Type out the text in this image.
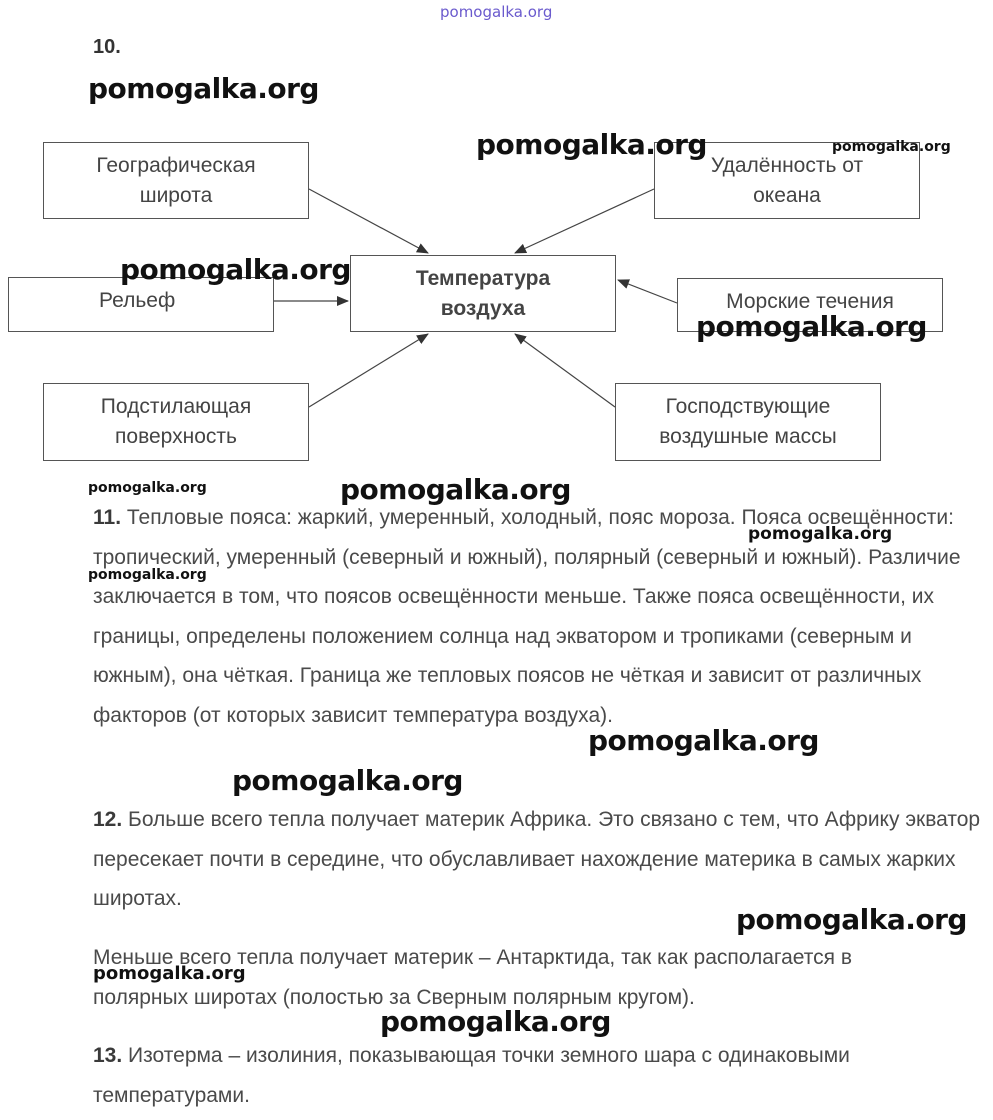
pomogalka.org
10.
Географическая
широта
Удалённость от
океана
Рельеф
Температура
воздуха	Морские течения
Подстилающая
поверхность
Господствующие
воздушные массы
11. Тепловые пояса: жаркий, умеренный, холодный, пояс мороза. Пояса освещённости: тропический, умеренный (северный и южный), полярный (северный и южный). Различие заключается в том, что поясов освещённости меньше. Также пояса освещённости, их границы, определены положением солнца над экватором и тропиками (северным и южным), она чёткая. Граница же тепловых поясов не чёткая и зависит от различных факторов (от которых зависит температура воздуха).
12. Больше всего тепла получает материк Африка. Это связано с тем, что Африку экватор пересекает почти в середине, что обуславливает нахождение материка в самых жарких широтах.
Меньше всего тепла получает материк – Антарктида, так как располагается в полярных широтах (полостью за Сверным полярным кругом).
13. Изотерма – изолиния, показывающая точки земного шара с одинаковыми температурами.
pomogalka.org
pomogalka.org	pomogalka.org
pomogalka.org
pomogalka.org
pomogalka.org	pomogalka.org
pomogalka.org
pomogalka.org
pomogalka.org
pomogalka.org
pomogalka.org
pomogalka.org
pomogalka.org
